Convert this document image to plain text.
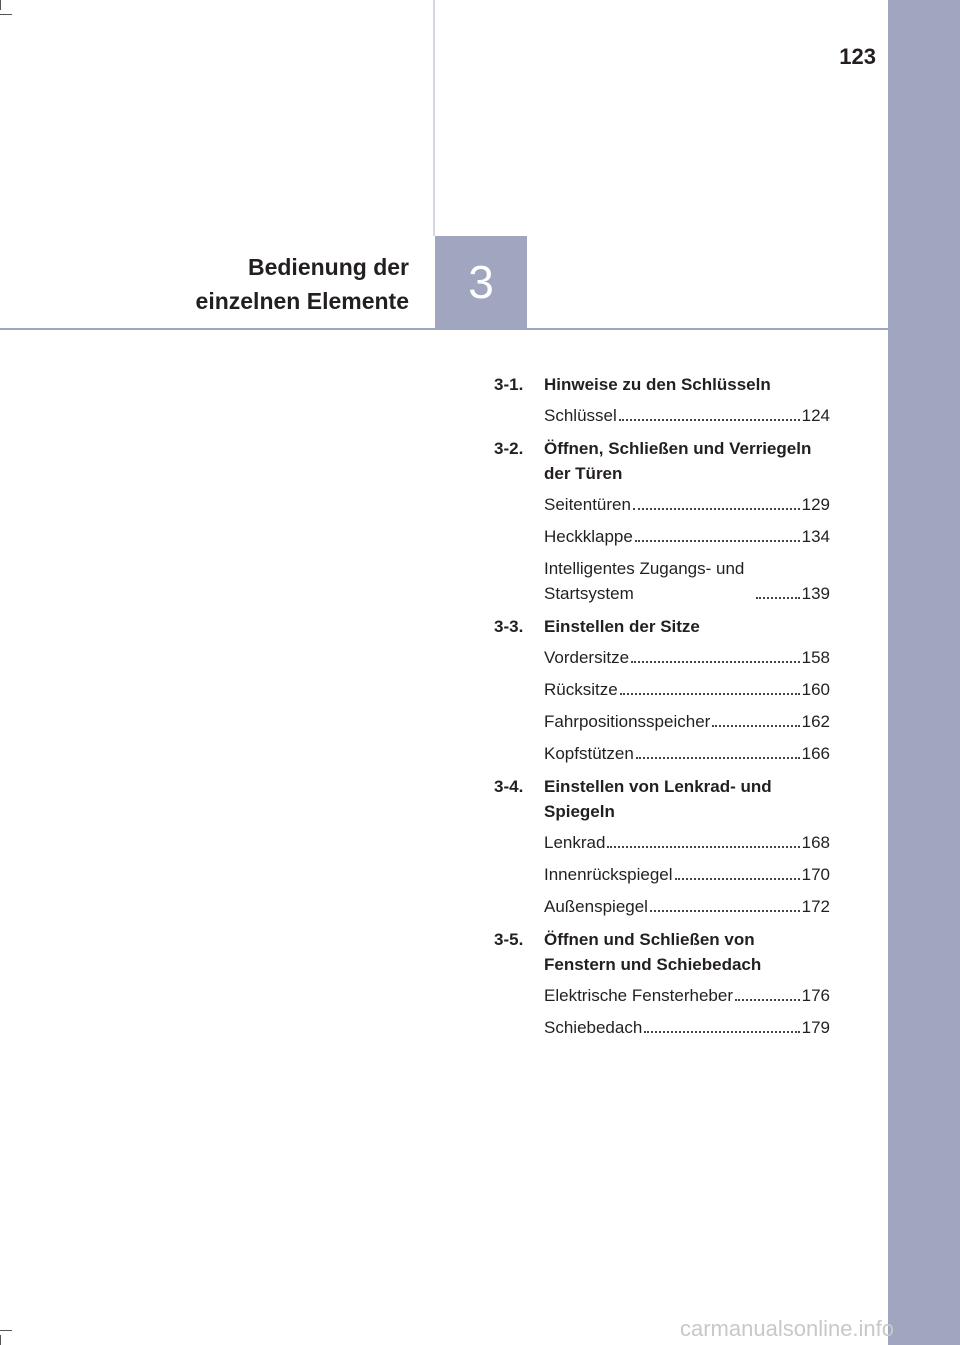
123
Bedienung der
einzelnen Elemente 3
3-1.	Hinweise zu den Schlüsseln
Schlüssel	124
3-2.	Öffnen, Schließen und Verriegeln der Türen
Seitentüren	129
Heckklappe	134
Intelligentes Zugangs- und Startsystem	139
3-3.	Einstellen der Sitze
Vordersitze	158
Rücksitze	160
Fahrpositionsspeicher	162
Kopfstützen	166
3-4.	Einstellen von Lenkrad- und Spiegeln
Lenkrad	168
Innenrückspiegel	170
Außenspiegel	172
3-5.	Öffnen und Schließen von Fenstern und Schiebedach
Elektrische Fensterheber	176
Schiebedach	179
carmanualsonline.info
